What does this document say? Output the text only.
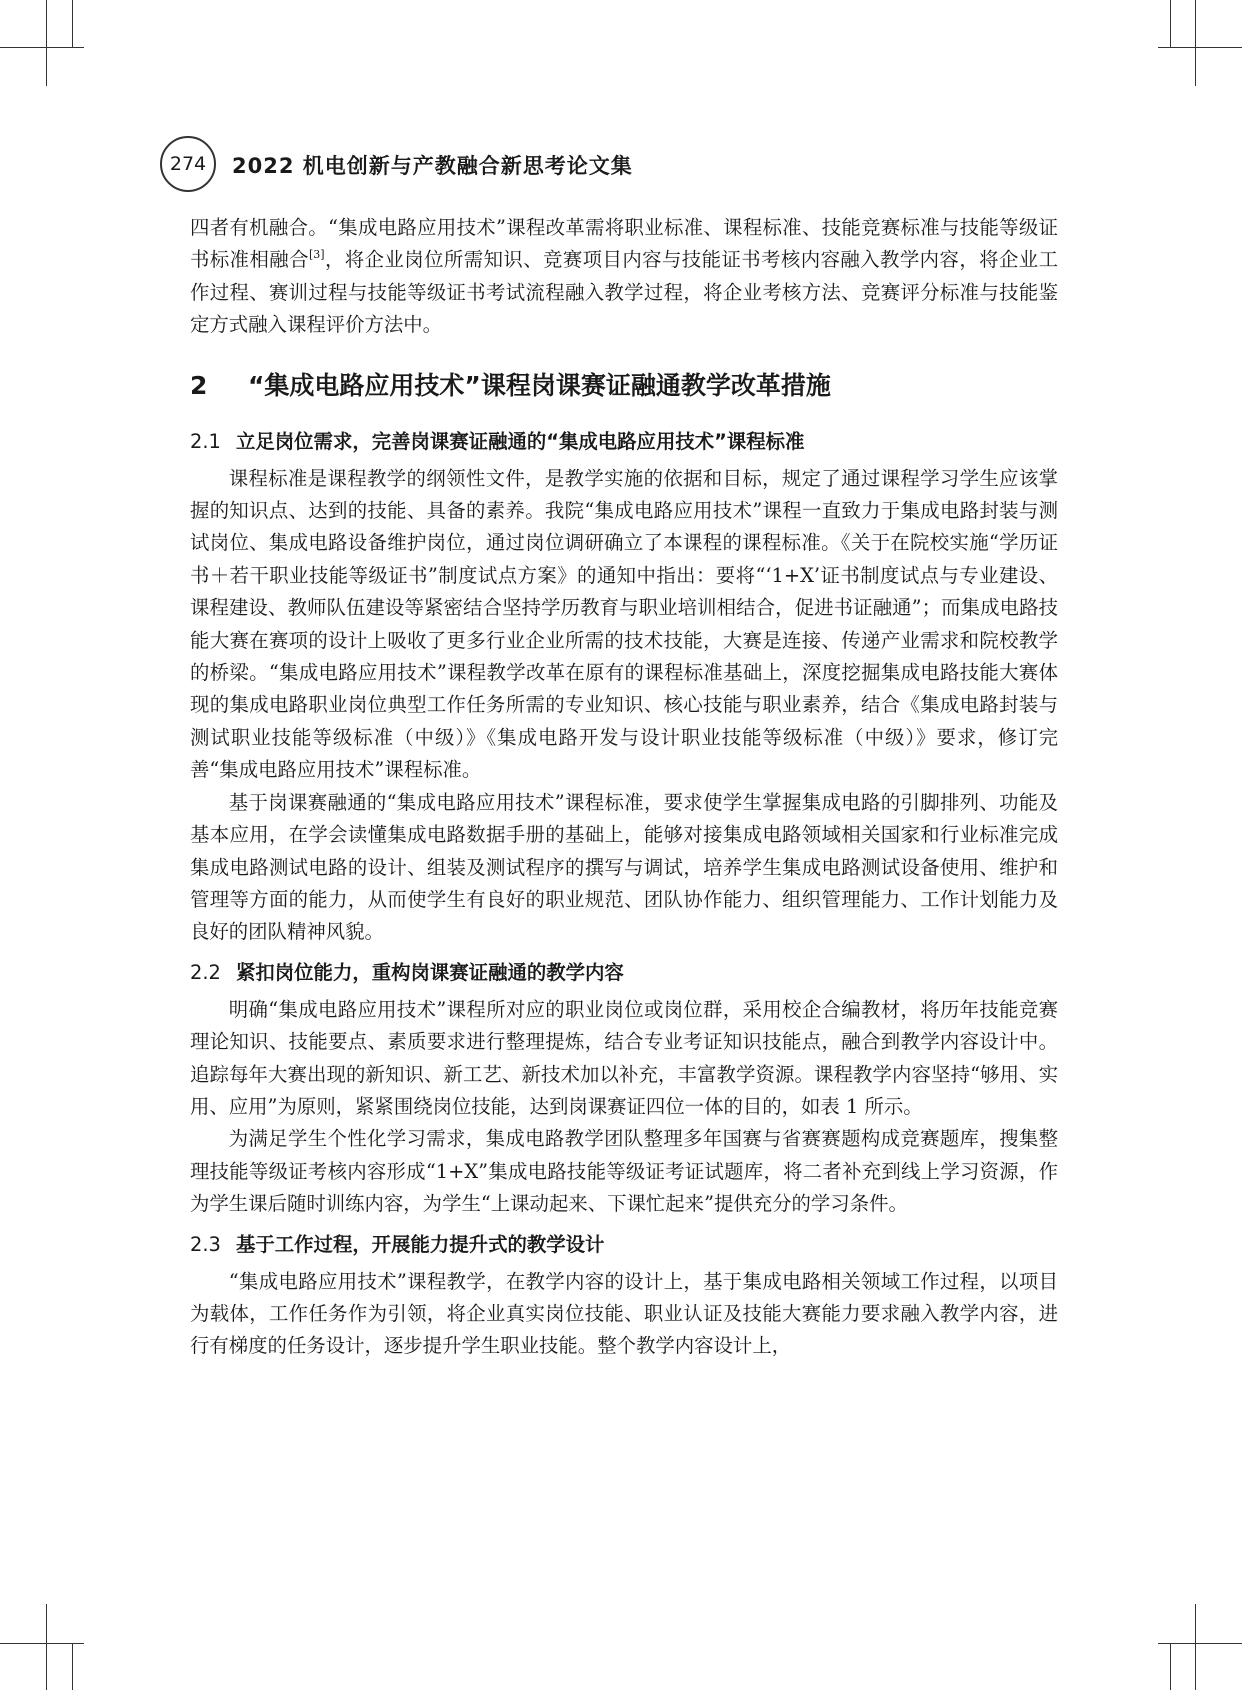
274	2022 机电创新与产教融合新思考论文集

四者有机融合。“集成电路应用技术”课程改革需将职业标准、课程标准、技能竞赛标准与技能等级证书标准相融合[3]，将企业岗位所需知识、竞赛项目内容与技能证书考核内容融入教学内容，将企业工作过程、赛训过程与技能等级证书考试流程融入教学过程，将企业考核方法、竞赛评分标准与技能鉴定方式融入课程评价方法中。

2 “集成电路应用技术”课程岗课赛证融通教学改革措施
2.1 立足岗位需求，完善岗课赛证融通的“集成电路应用技术”课程标准

课程标准是课程教学的纲领性文件，是教学实施的依据和目标，规定了通过课程学习学生应该掌握的知识点、达到的技能、具备的素养。我院“集成电路应用技术”课程一直致力于集成电路封装与测试岗位、集成电路设备维护岗位，通过岗位调研确立了本课程的课程标准。《关于在院校实施“学历证书＋若干职业技能等级证书”制度试点方案》的通知中指出：要将“‘1+X’证书制度试点与专业建设、课程建设、教师队伍建设等紧密结合坚持学历教育与职业培训相结合，促进书证融通”；而集成电路技能大赛在赛项的设计上吸收了更多行业企业所需的技术技能，大赛是连接、传递产业需求和院校教学的桥梁。“集成电路应用技术”课程教学改革在原有的课程标准基础上，深度挖掘集成电路技能大赛体现的集成电路职业岗位典型工作任务所需的专业知识、核心技能与职业素养，结合《集成电路封装与测试职业技能等级标准（中级）》《集成电路开发与设计职业技能等级标准（中级）》要求，修订完善“集成电路应用技术”课程标准。

基于岗课赛融通的“集成电路应用技术”课程标准，要求使学生掌握集成电路的引脚排列、功能及基本应用，在学会读懂集成电路数据手册的基础上，能够对接集成电路领域相关国家和行业标准完成集成电路测试电路的设计、组装及测试程序的撰写与调试，培养学生集成电路测试设备使用、维护和管理等方面的能力，从而使学生有良好的职业规范、团队协作能力、组织管理能力、工作计划能力及良好的团队精神风貌。

2.2 紧扣岗位能力，重构岗课赛证融通的教学内容

明确“集成电路应用技术”课程所对应的职业岗位或岗位群，采用校企合编教材，将历年技能竞赛理论知识、技能要点、素质要求进行整理提炼，结合专业考证知识技能点，融合到教学内容设计中。追踪每年大赛出现的新知识、新工艺、新技术加以补充，丰富教学资源。课程教学内容坚持“够用、实用、应用”为原则，紧紧围绕岗位技能，达到岗课赛证四位一体的目的，如表 1 所示。

为满足学生个性化学习需求，集成电路教学团队整理多年国赛与省赛赛题构成竞赛题库，搜集整理技能等级证考核内容形成“1+X”集成电路技能等级证考证试题库，将二者补充到线上学习资源，作为学生课后随时训练内容，为学生“上课动起来、下课忙起来”提供充分的学习条件。

2.3 基于工作过程，开展能力提升式的教学设计

“集成电路应用技术”课程教学，在教学内容的设计上，基于集成电路相关领域工作过程，以项目为载体，工作任务作为引领，将企业真实岗位技能、职业认证及技能大赛能力要求融入教学内容，进行有梯度的任务设计，逐步提升学生职业技能。整个教学内容设计上，
